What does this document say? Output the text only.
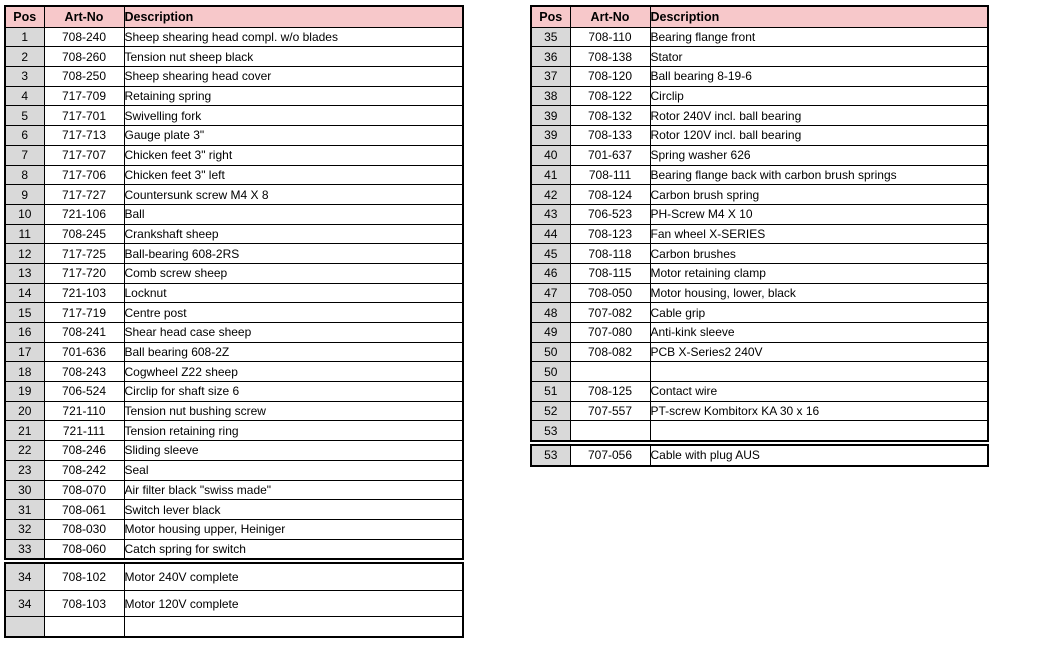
Pos	Art-No	Description
1	708-240	Sheep shearing head compl. w/o blades
2	708-260	Tension nut sheep black
3	708-250	Sheep shearing head cover
4	717-709	Retaining spring
5	717-701	Swivelling fork
6	717-713	Gauge plate 3"
7	717-707	Chicken feet 3" right
8	717-706	Chicken feet 3" left
9	717-727	Countersunk screw M4 X 8
10	721-106	Ball
11	708-245	Crankshaft sheep
12	717-725	Ball-bearing 608-2RS
13	717-720	Comb screw sheep
14	721-103	Locknut
15	717-719	Centre post
16	708-241	Shear head case sheep
17	701-636	Ball bearing 608-2Z
18	708-243	Cogwheel Z22 sheep
19	706-524	Circlip for shaft size 6
20	721-110	Tension nut bushing screw
21	721-111	Tension retaining ring
22	708-246	Sliding sleeve
23	708-242	Seal
30	708-070	Air filter black "swiss made"
31	708-061	Switch lever black
32	708-030	Motor housing upper, Heiniger
33	708-060	Catch spring for switch
34	708-102	Motor 240V complete
34	708-103	Motor 120V complete

Pos	Art-No	Description
35	708-110	Bearing flange front
36	708-138	Stator
37	708-120	Ball bearing 8-19-6
38	708-122	Circlip
39	708-132	Rotor 240V incl. ball bearing
39	708-133	Rotor 120V incl. ball bearing
40	701-637	Spring washer 626
41	708-111	Bearing flange back with carbon brush springs
42	708-124	Carbon brush spring
43	706-523	PH-Screw M4 X 10
44	708-123	Fan wheel X-SERIES
45	708-118	Carbon brushes
46	708-115	Motor retaining clamp
47	708-050	Motor housing, lower, black
48	707-082	Cable grip
49	707-080	Anti-kink sleeve
50	708-082	PCB X-Series2 240V
50		
51	708-125	Contact wire
52	707-557	PT-screw Kombitorx KA 30 x 16
53		
53	707-056	Cable with plug AUS
